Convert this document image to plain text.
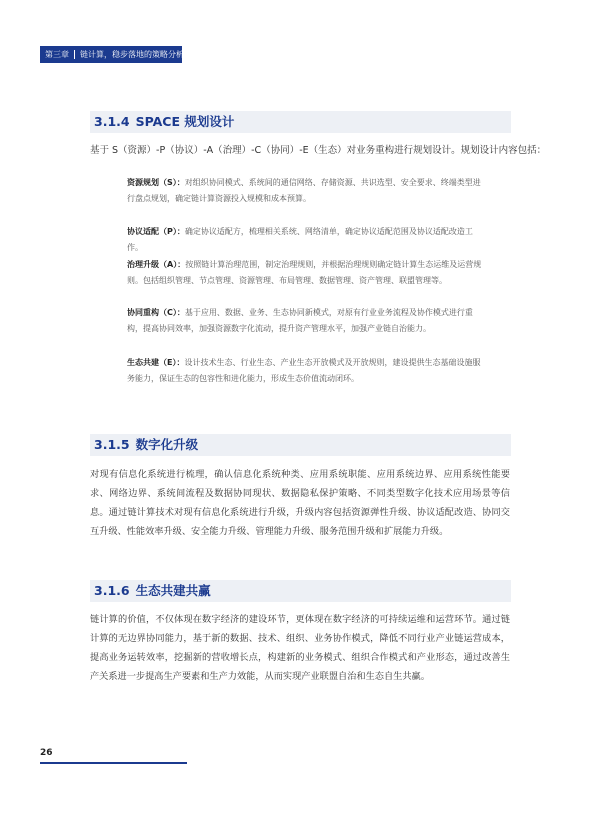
第三章 链计算，稳步落地的策略分析
3.1.4 SPACE 规划设计
基于 S（资源）-P（协议）-A（治理）-C（协同）-E（生态）对业务重构进行规划设计。规划设计内容包括：

资源规划（S）：对组织协同模式、系统间的通信网络、存储资源、共识选型、安全要求、终端类型进行盘点规划，确定链计算资源投入规模和成本预算。

协议适配（P）：确定协议适配方，梳理相关系统、网络清单，确定协议适配范围及协议适配改造工作。

治理升级（A）：按照链计算治理范围，制定治理规则，并根据治理规则确定链计算生态运维及运营规则。包括组织管理、节点管理、资源管理、布局管理、数据管理、资产管理、联盟管理等。

协同重构（C）：基于应用、数据、业务、生态协同新模式，对原有行业业务流程及协作模式进行重构，提高协同效率，加强资源数字化流动，提升资产管理水平，加强产业链自治能力。

生态共建（E）：设计技术生态、行业生态、产业生态开放模式及开放规则，建设提供生态基础设施服务能力，保证生态的包容性和进化能力，形成生态价值流动闭环。

3.1.5 数字化升级

对现有信息化系统进行梳理，确认信息化系统种类、应用系统职能、应用系统边界、应用系统性能要求、网络边界、系统间流程及数据协同现状、数据隐私保护策略、不同类型数字化技术应用场景等信息。通过链计算技术对现有信息化系统进行升级，升级内容包括资源弹性升级、协议适配改造、协同交互升级、性能效率升级、安全能力升级、管理能力升级、服务范围升级和扩展能力升级。

3.1.6 生态共建共赢

链计算的价值，不仅体现在数字经济的建设环节，更体现在数字经济的可持续运维和运营环节。通过链计算的无边界协同能力，基于新的数据、技术、组织、业务协作模式，降低不同行业产业链运营成本，提高业务运转效率，挖掘新的营收增长点，构建新的业务模式、组织合作模式和产业形态，通过改善生产关系进一步提高生产要素和生产力效能，从而实现产业联盟自治和生态自生共赢。

26
